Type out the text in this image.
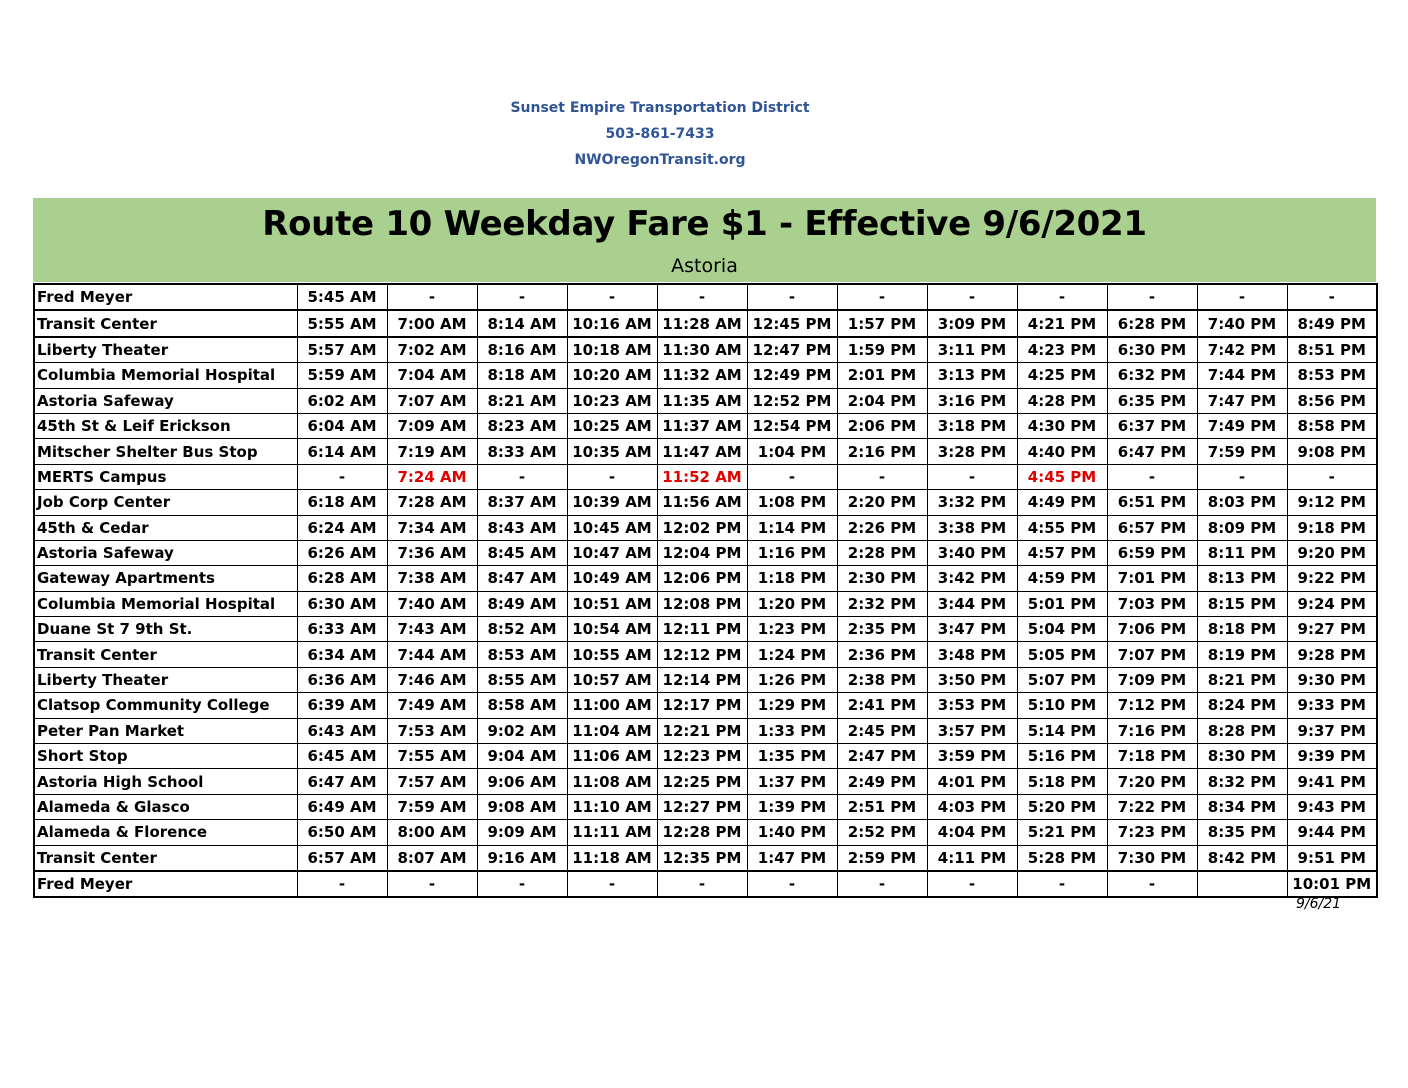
Sunset Empire Transportation District
503-861-7433
NWOregonTransit.org
Route 10 Weekday Fare $1 - Effective 9/6/2021
Astoria
Fred Meyer	5:45 AM	-	-	-	-	-	-	-	-	-	-	-
Transit Center	5:55 AM	7:00 AM	8:14 AM	10:16 AM	11:28 AM	12:45 PM	1:57 PM	3:09 PM	4:21 PM	6:28 PM	7:40 PM	8:49 PM
Liberty Theater	5:57 AM	7:02 AM	8:16 AM	10:18 AM	11:30 AM	12:47 PM	1:59 PM	3:11 PM	4:23 PM	6:30 PM	7:42 PM	8:51 PM
Columbia Memorial Hospital	5:59 AM	7:04 AM	8:18 AM	10:20 AM	11:32 AM	12:49 PM	2:01 PM	3:13 PM	4:25 PM	6:32 PM	7:44 PM	8:53 PM
Astoria Safeway	6:02 AM	7:07 AM	8:21 AM	10:23 AM	11:35 AM	12:52 PM	2:04 PM	3:16 PM	4:28 PM	6:35 PM	7:47 PM	8:56 PM
45th St & Leif Erickson	6:04 AM	7:09 AM	8:23 AM	10:25 AM	11:37 AM	12:54 PM	2:06 PM	3:18 PM	4:30 PM	6:37 PM	7:49 PM	8:58 PM
Mitscher Shelter Bus Stop	6:14 AM	7:19 AM	8:33 AM	10:35 AM	11:47 AM	1:04 PM	2:16 PM	3:28 PM	4:40 PM	6:47 PM	7:59 PM	9:08 PM
MERTS Campus	-	7:24 AM	-	-	11:52 AM	-	-	-	4:45 PM	-	-	-
Job Corp Center	6:18 AM	7:28 AM	8:37 AM	10:39 AM	11:56 AM	1:08 PM	2:20 PM	3:32 PM	4:49 PM	6:51 PM	8:03 PM	9:12 PM
45th & Cedar	6:24 AM	7:34 AM	8:43 AM	10:45 AM	12:02 PM	1:14 PM	2:26 PM	3:38 PM	4:55 PM	6:57 PM	8:09 PM	9:18 PM
Astoria Safeway	6:26 AM	7:36 AM	8:45 AM	10:47 AM	12:04 PM	1:16 PM	2:28 PM	3:40 PM	4:57 PM	6:59 PM	8:11 PM	9:20 PM
Gateway Apartments	6:28 AM	7:38 AM	8:47 AM	10:49 AM	12:06 PM	1:18 PM	2:30 PM	3:42 PM	4:59 PM	7:01 PM	8:13 PM	9:22 PM
Columbia Memorial Hospital	6:30 AM	7:40 AM	8:49 AM	10:51 AM	12:08 PM	1:20 PM	2:32 PM	3:44 PM	5:01 PM	7:03 PM	8:15 PM	9:24 PM
Duane St 7 9th St.	6:33 AM	7:43 AM	8:52 AM	10:54 AM	12:11 PM	1:23 PM	2:35 PM	3:47 PM	5:04 PM	7:06 PM	8:18 PM	9:27 PM
Transit Center	6:34 AM	7:44 AM	8:53 AM	10:55 AM	12:12 PM	1:24 PM	2:36 PM	3:48 PM	5:05 PM	7:07 PM	8:19 PM	9:28 PM
Liberty Theater	6:36 AM	7:46 AM	8:55 AM	10:57 AM	12:14 PM	1:26 PM	2:38 PM	3:50 PM	5:07 PM	7:09 PM	8:21 PM	9:30 PM
Clatsop Community College	6:39 AM	7:49 AM	8:58 AM	11:00 AM	12:17 PM	1:29 PM	2:41 PM	3:53 PM	5:10 PM	7:12 PM	8:24 PM	9:33 PM
Peter Pan Market	6:43 AM	7:53 AM	9:02 AM	11:04 AM	12:21 PM	1:33 PM	2:45 PM	3:57 PM	5:14 PM	7:16 PM	8:28 PM	9:37 PM
Short Stop	6:45 AM	7:55 AM	9:04 AM	11:06 AM	12:23 PM	1:35 PM	2:47 PM	3:59 PM	5:16 PM	7:18 PM	8:30 PM	9:39 PM
Astoria High School	6:47 AM	7:57 AM	9:06 AM	11:08 AM	12:25 PM	1:37 PM	2:49 PM	4:01 PM	5:18 PM	7:20 PM	8:32 PM	9:41 PM
Alameda & Glasco	6:49 AM	7:59 AM	9:08 AM	11:10 AM	12:27 PM	1:39 PM	2:51 PM	4:03 PM	5:20 PM	7:22 PM	8:34 PM	9:43 PM
Alameda & Florence	6:50 AM	8:00 AM	9:09 AM	11:11 AM	12:28 PM	1:40 PM	2:52 PM	4:04 PM	5:21 PM	7:23 PM	8:35 PM	9:44 PM
Transit Center	6:57 AM	8:07 AM	9:16 AM	11:18 AM	12:35 PM	1:47 PM	2:59 PM	4:11 PM	5:28 PM	7:30 PM	8:42 PM	9:51 PM
Fred Meyer	-	-	-	-	-	-	-	-	-	-		10:01 PM
9/6/21
